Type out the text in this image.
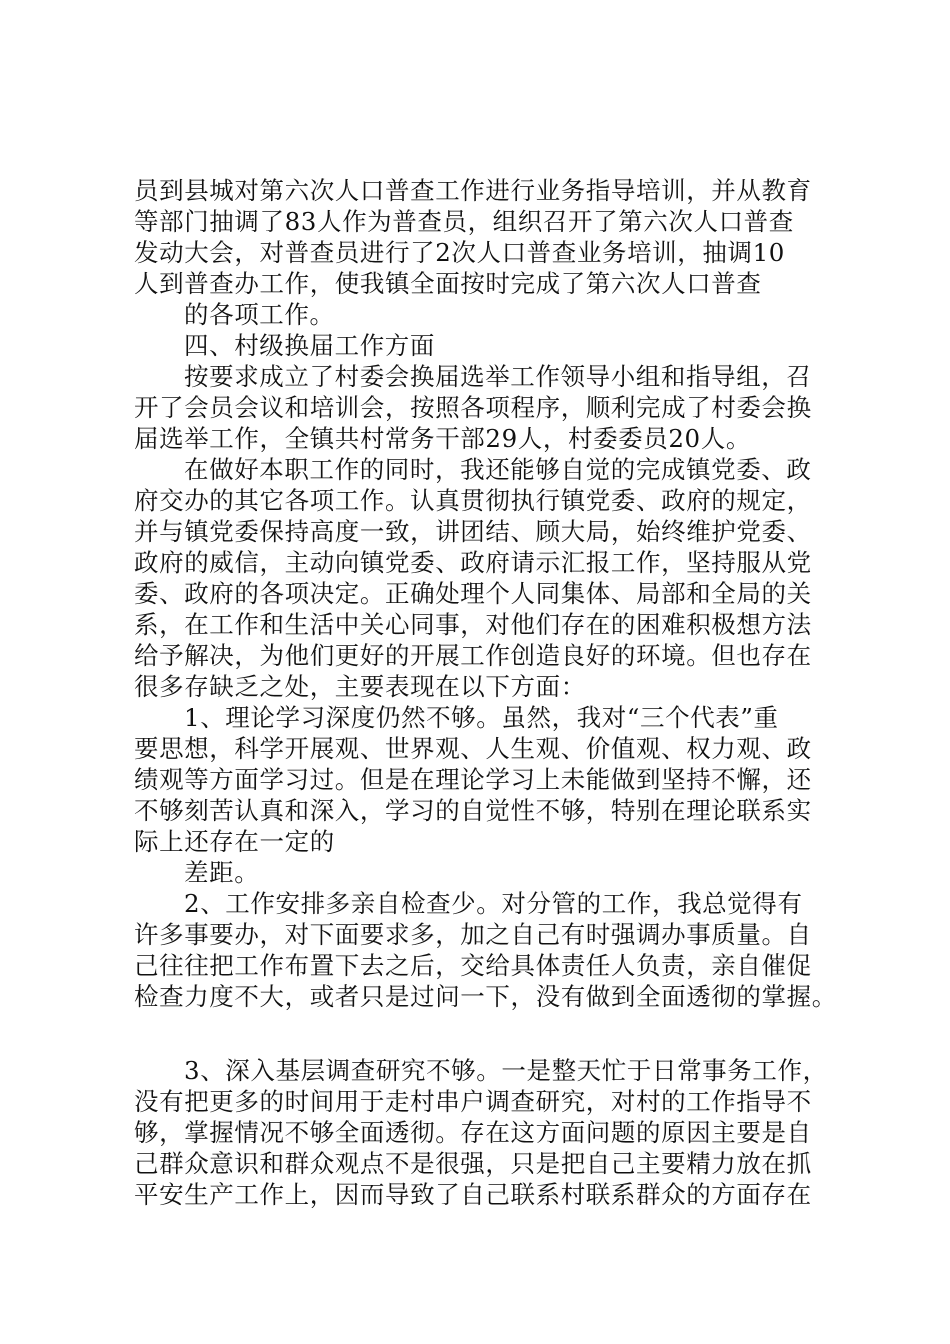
员到县城对第六次人口普查工作进行业务指导培训，并从教育

等部门抽调了83人作为普查员，组织召开了第六次人口普查

发动大会，对普查员进行了2次人口普查业务培训，抽调10

人到普查办工作，使我镇全面按时完成了第六次人口普查

的各项工作。

四、村级换届工作方面

按要求成立了村委会换届选举工作领导小组和指导组，召

开了会员会议和培训会，按照各项程序，顺利完成了村委会换

届选举工作，全镇共村常务干部29人，村委委员20人。

在做好本职工作的同时，我还能够自觉的完成镇党委、政

府交办的其它各项工作。认真贯彻执行镇党委、政府的规定，

并与镇党委保持高度一致，讲团结、顾大局，始终维护党委、

政府的威信，主动向镇党委、政府请示汇报工作，坚持服从党

委、政府的各项决定。正确处理个人同集体、局部和全局的关

系，在工作和生活中关心同事，对他们存在的困难积极想方法

给予解决，为他们更好的开展工作创造良好的环境。但也存在

很多存缺乏之处，主要表现在以下方面：

1、理论学习深度仍然不够。虽然，我对“三个代表”重

要思想，科学开展观、世界观、人生观、价值观、权力观、政

绩观等方面学习过。但是在理论学习上未能做到坚持不懈，还

不够刻苦认真和深入，学习的自觉性不够，特别在理论联系实

际上还存在一定的

差距。

2、工作安排多亲自检查少。对分管的工作，我总觉得有

许多事要办，对下面要求多，加之自己有时强调办事质量。自

己往往把工作布置下去之后，交给具体责任人负责，亲自催促

检查力度不大，或者只是过问一下，没有做到全面透彻的掌握。

3、深入基层调查研究不够。一是整天忙于日常事务工作，

没有把更多的时间用于走村串户调查研究，对村的工作指导不

够，掌握情况不够全面透彻。存在这方面问题的原因主要是自

己群众意识和群众观点不是很强，只是把自己主要精力放在抓

平安生产工作上，因而导致了自己联系村联系群众的方面存在
